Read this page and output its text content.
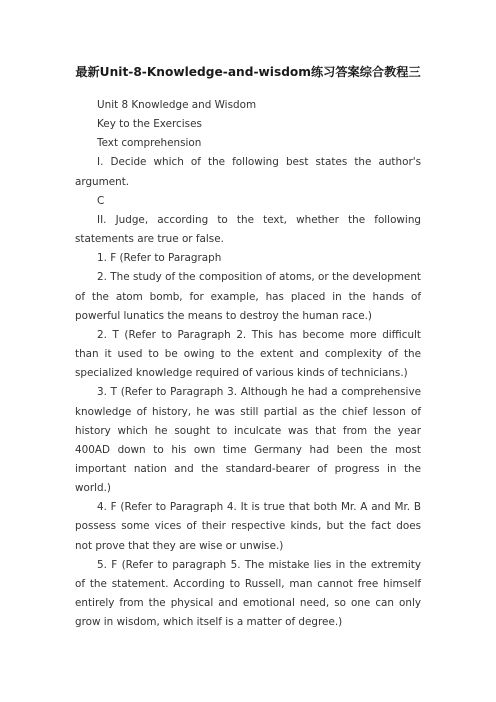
最新Unit-8-Knowledge-and-wisdom练习答案综合教程三

Unit 8 Knowledge and Wisdom

Key to the Exercises

Text comprehension

I. Decide which of the following best states the author's argument.

C

II. Judge, according to the text, whether the following statements are true or false.

1. F (Refer to Paragraph

2. The study of the composition of atoms, or the development of the atom bomb, for example, has placed in the hands of powerful lunatics the means to destroy the human race.)

2. T (Refer to Paragraph 2. This has become more difficult than it used to be owing to the extent and complexity of the specialized knowledge required of various kinds of technicians.)

3. T (Refer to Paragraph 3. Although he had a comprehensive knowledge of history, he was still partial as the chief lesson of history which he sought to inculcate was that from the year 400AD down to his own time Germany had been the most important nation and the standard-bearer of progress in the world.)

4. F (Refer to Paragraph 4. It is true that both Mr. A and Mr. B possess some vices of their respective kinds, but the fact does not prove that they are wise or unwise.)

5. F (Refer to paragraph 5. The mistake lies in the extremity of the statement. According to Russell, man cannot free himself entirely from the physical and emotional need, so one can only grow in wisdom, which itself is a matter of degree.)
